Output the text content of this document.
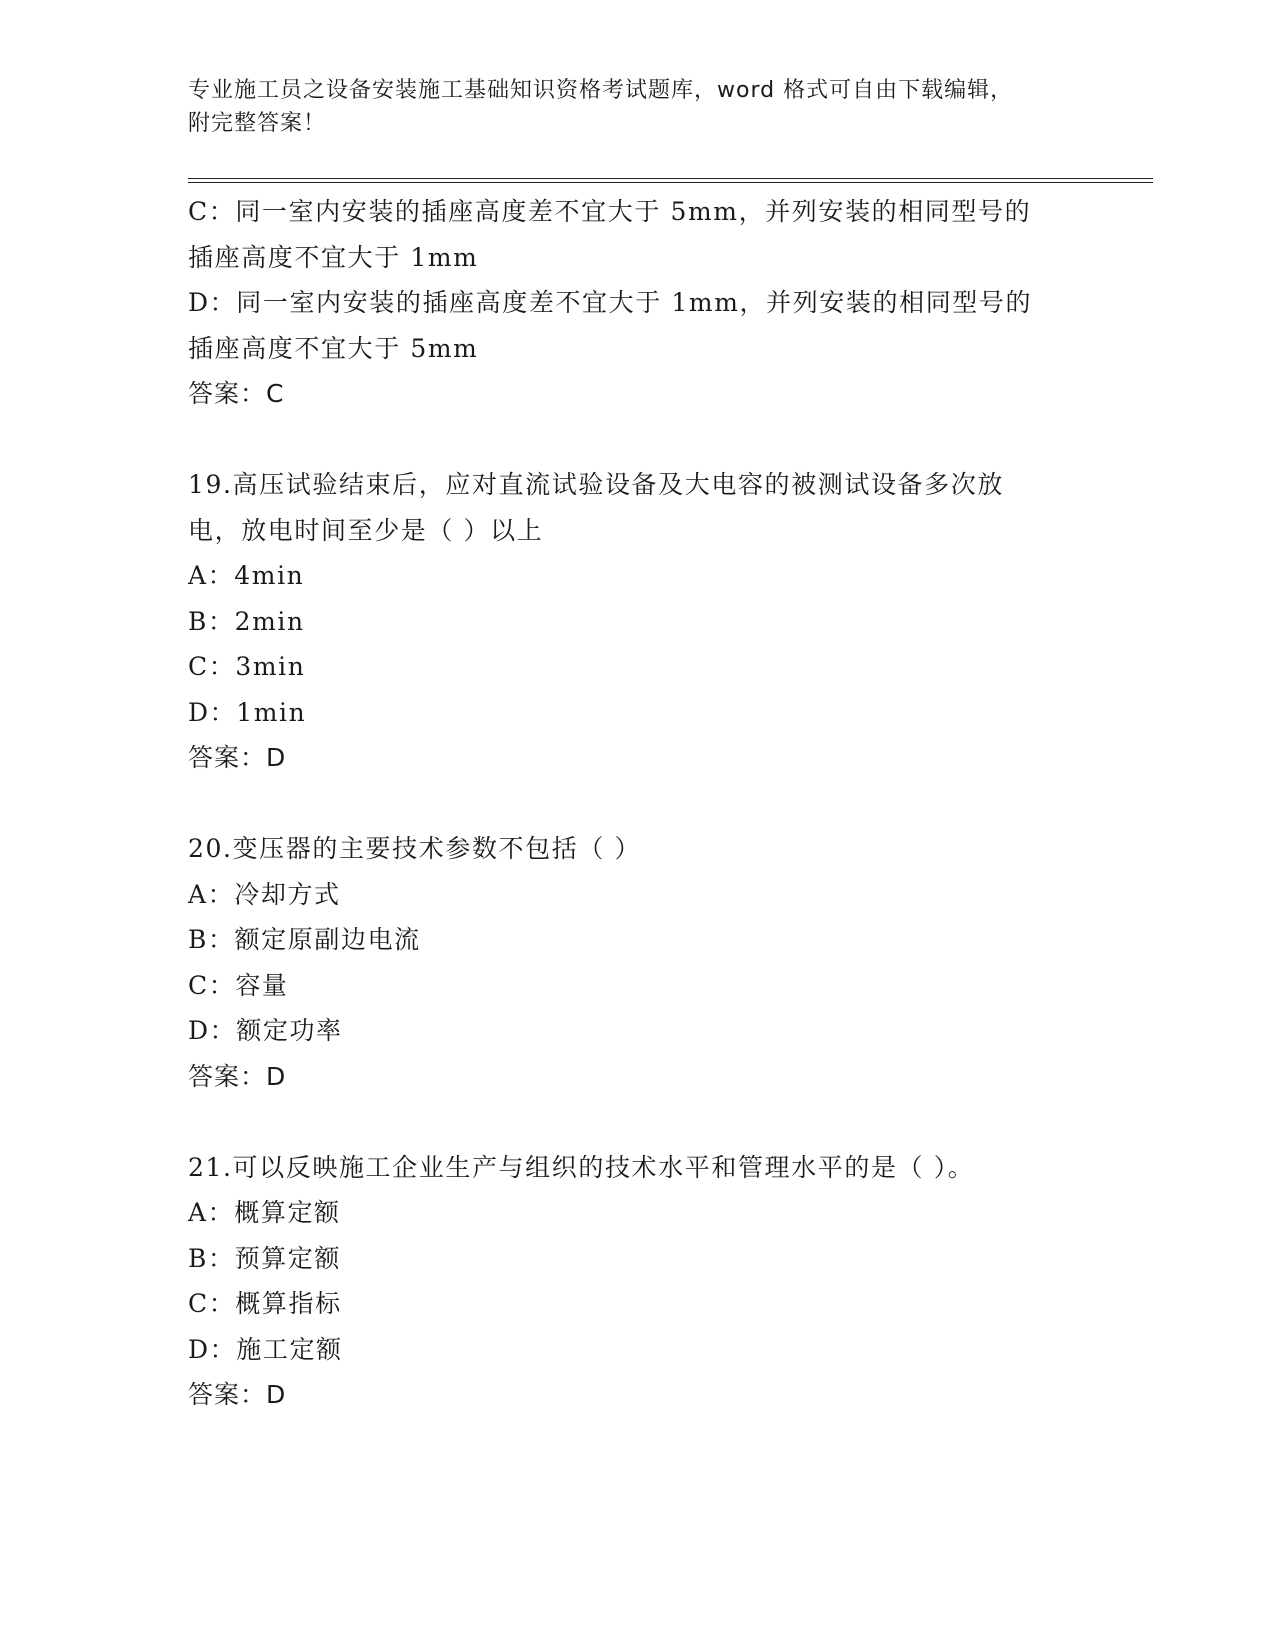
专业施工员之设备安装施工基础知识资格考试题库，word 格式可自由下载编辑，
附完整答案！
C：同一室内安装的插座高度差不宜大于 5mm，并列安装的相同型号的
插座高度不宜大于 1mm
D：同一室内安装的插座高度差不宜大于 1mm，并列安装的相同型号的
插座高度不宜大于 5mm
答案：C
19.高压试验结束后，应对直流试验设备及大电容的被测试设备多次放
电，放电时间至少是（ ）以上
A：4min
B：2min
C：3min
D：1min
答案：D
20.变压器的主要技术参数不包括（ ）
A：冷却方式
B：额定原副边电流
C：容量
D：额定功率
答案：D
21.可以反映施工企业生产与组织的技术水平和管理水平的是（ ）。
A：概算定额
B：预算定额
C：概算指标
D：施工定额
答案：D
